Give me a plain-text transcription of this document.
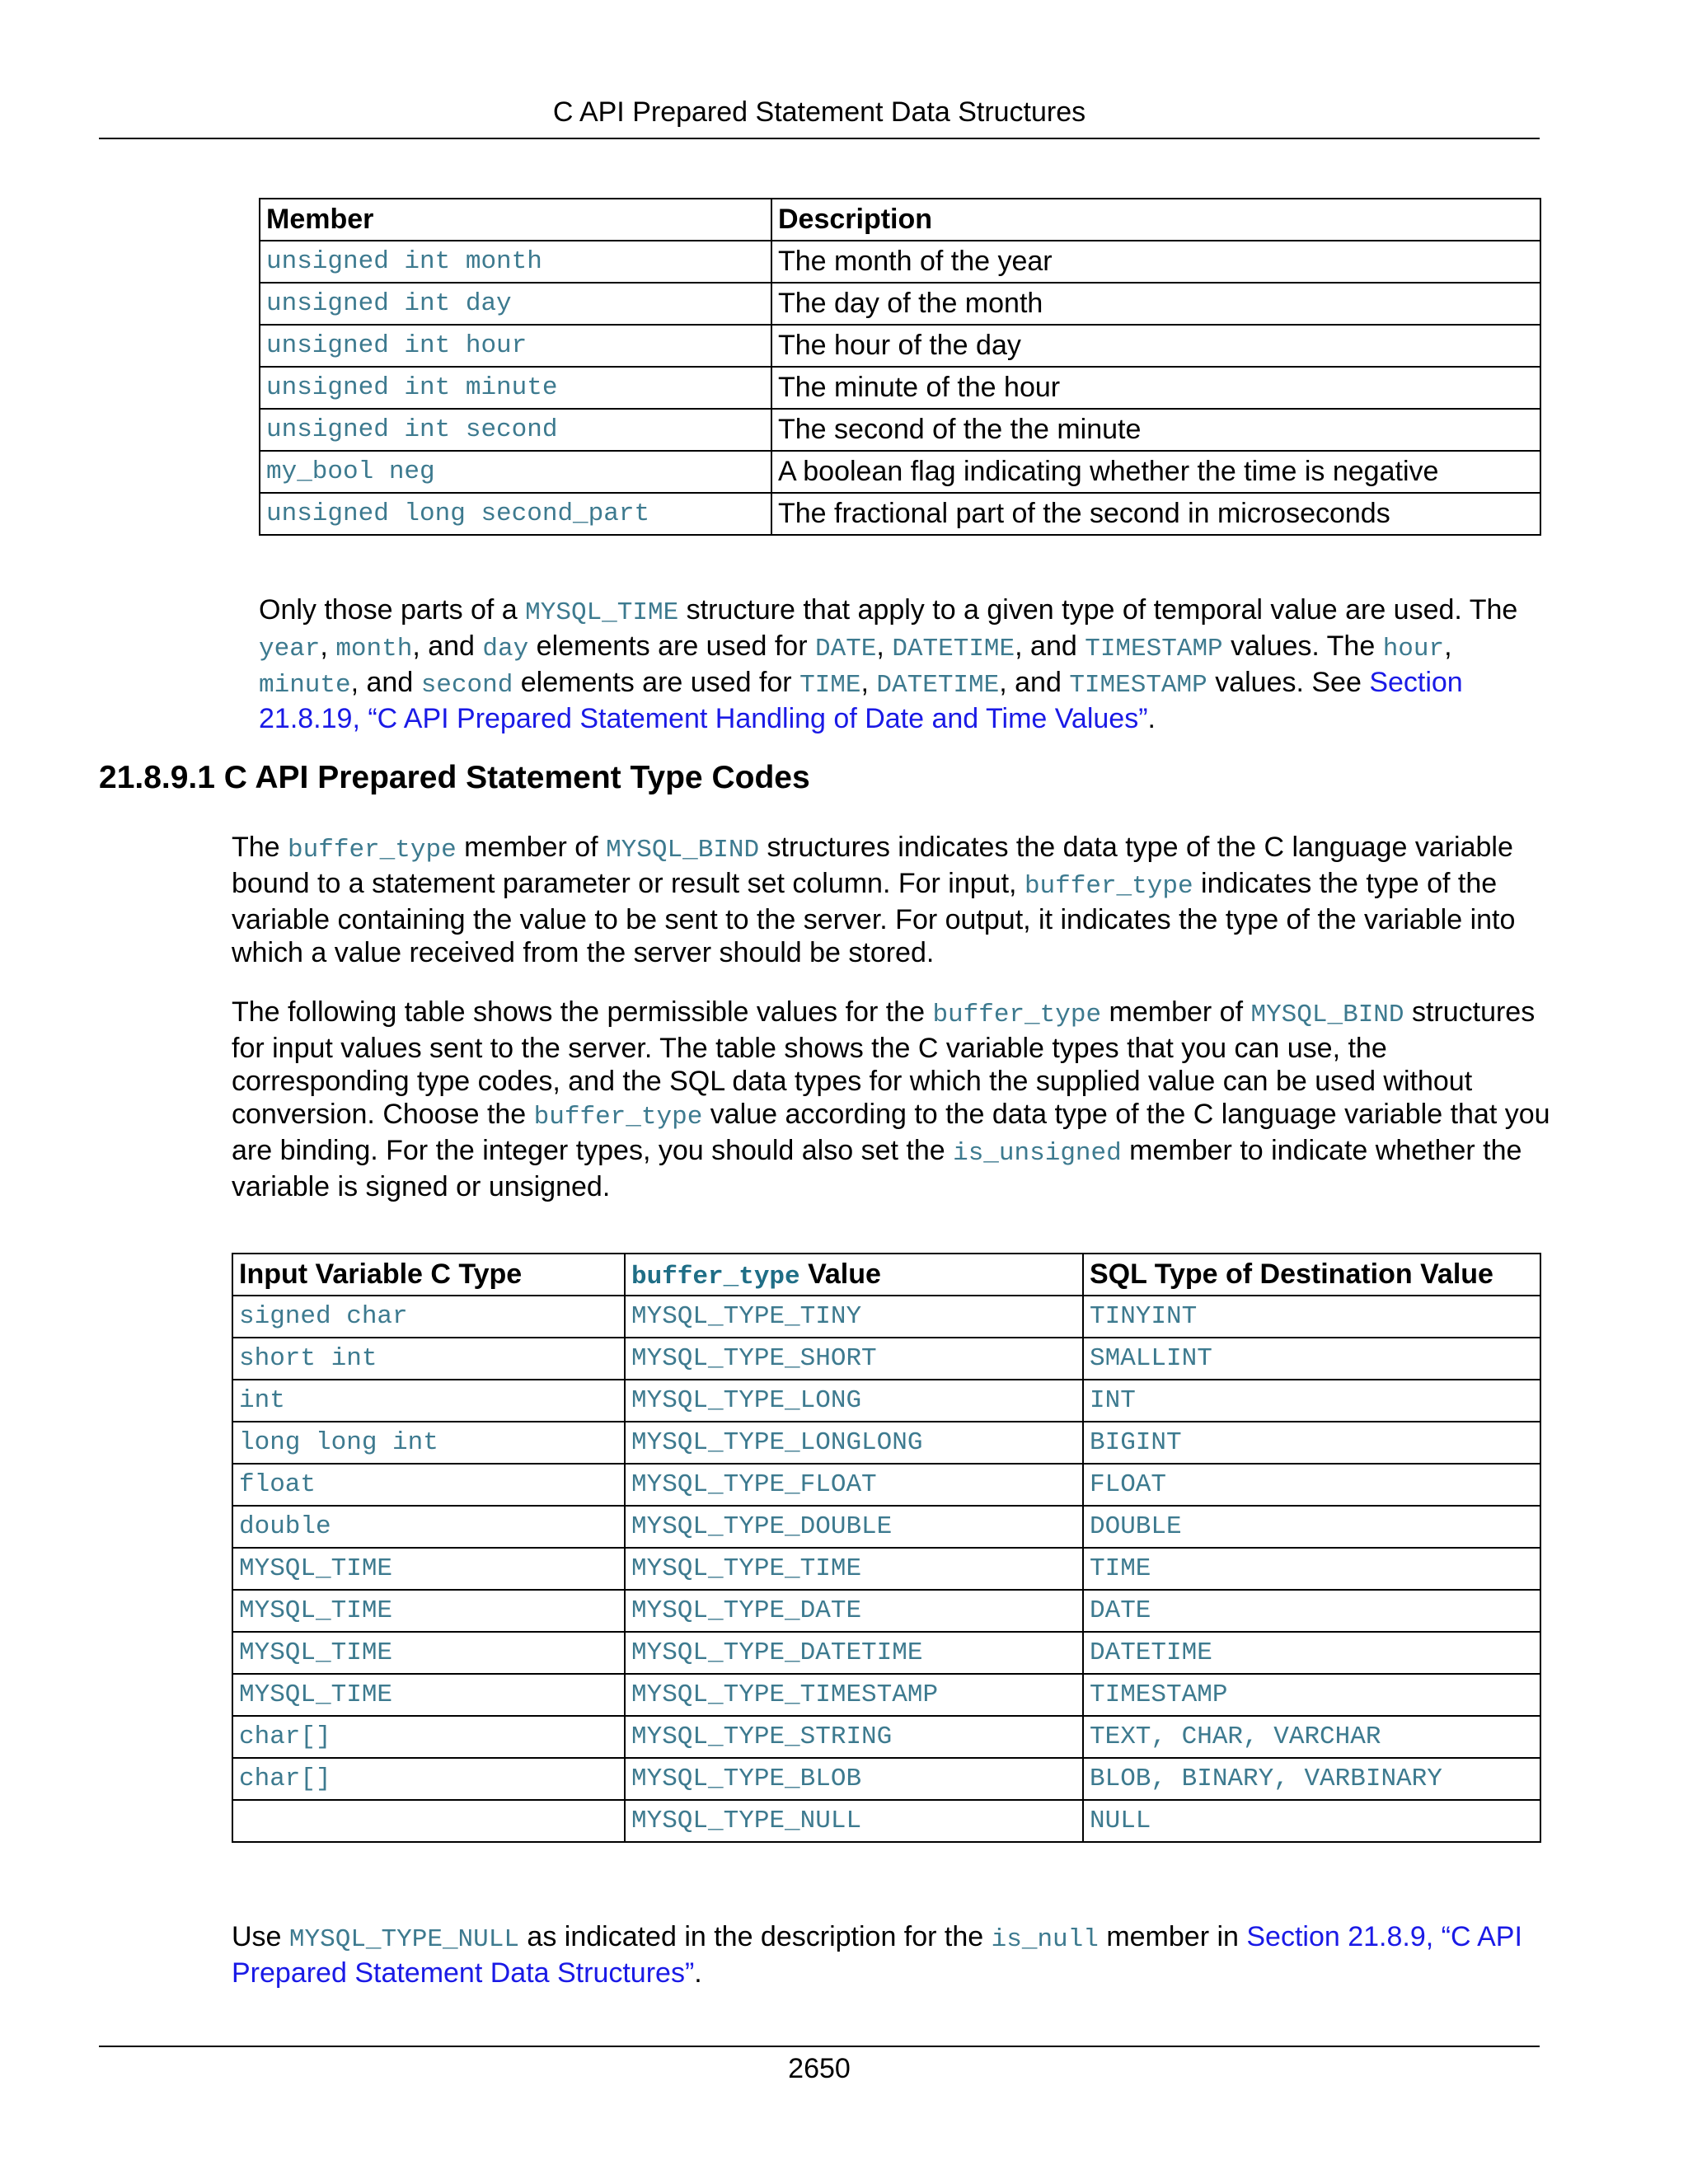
C API Prepared Statement Data Structures
Member	Description
unsigned int month	The month of the year
unsigned int day	The day of the month
unsigned int hour	The hour of the day
unsigned int minute	The minute of the hour
unsigned int second	The second of the the minute
my_bool neg	A boolean flag indicating whether the time is negative
unsigned long second_part	The fractional part of the second in microseconds

Only those parts of a MYSQL_TIME structure that apply to a given type of temporal value are used. The year, month, and day elements are used for DATE, DATETIME, and TIMESTAMP values. The hour, minute, and second elements are used for TIME, DATETIME, and TIMESTAMP values. See Section 21.8.19, “C API Prepared Statement Handling of Date and Time Values”.

21.8.9.1 C API Prepared Statement Type Codes

The buffer_type member of MYSQL_BIND structures indicates the data type of the C language variable bound to a statement parameter or result set column. For input, buffer_type indicates the type of the variable containing the value to be sent to the server. For output, it indicates the type of the variable into which a value received from the server should be stored.

The following table shows the permissible values for the buffer_type member of MYSQL_BIND structures for input values sent to the server. The table shows the C variable types that you can use, the corresponding type codes, and the SQL data types for which the supplied value can be used without conversion. Choose the buffer_type value according to the data type of the C language variable that you are binding. For the integer types, you should also set the is_unsigned member to indicate whether the variable is signed or unsigned.

Input Variable C Type	buffer_type Value	SQL Type of Destination Value
signed char	MYSQL_TYPE_TINY	TINYINT
short int	MYSQL_TYPE_SHORT	SMALLINT
int	MYSQL_TYPE_LONG	INT
long long int	MYSQL_TYPE_LONGLONG	BIGINT
float	MYSQL_TYPE_FLOAT	FLOAT
double	MYSQL_TYPE_DOUBLE	DOUBLE
MYSQL_TIME	MYSQL_TYPE_TIME	TIME
MYSQL_TIME	MYSQL_TYPE_DATE	DATE
MYSQL_TIME	MYSQL_TYPE_DATETIME	DATETIME
MYSQL_TIME	MYSQL_TYPE_TIMESTAMP	TIMESTAMP
char[]	MYSQL_TYPE_STRING	TEXT, CHAR, VARCHAR
char[]	MYSQL_TYPE_BLOB	BLOB, BINARY, VARBINARY
	MYSQL_TYPE_NULL	NULL

Use MYSQL_TYPE_NULL as indicated in the description for the is_null member in Section 21.8.9, “C API Prepared Statement Data Structures”.

2650
